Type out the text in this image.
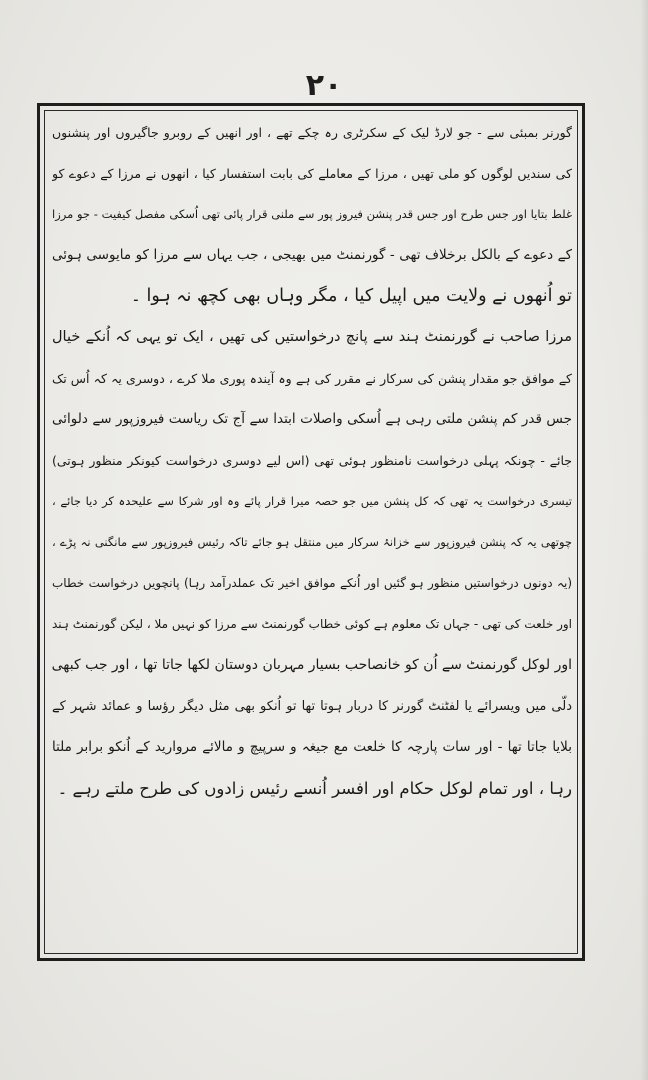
۲۰
گورنر بمبئی سے - جو لارڈ لیک کے سکرٹری رہ چکے تھے ، اور انھیں کے روبرو جاگیروں اور پنشنوں
کی سندیں لوگوں کو ملی تھیں ، مرزا کے معاملے کی بابت استفسار کیا ، انھوں نے مرزا کے دعوے کو
غلط بتایا اور جس طرح اور جس قدر پنشن فیروز پور سے ملنی قرار پائی تھی اُسکی مفصل کیفیت - جو مرزا
کے دعوے کے بالکل برخلاف تھی - گورنمنٹ میں بھیجی ، جب یہاں سے مرزا کو مایوسی ہوئی
تو اُنھوں نے ولایت میں اپیل کیا ، مگر وہاں بھی کچھ نہ ہوا ۔
مرزا صاحب نے گورنمنٹ ہند سے پانچ درخواستیں کی تھیں ، ایک تو یہی کہ اُنکے خیال
کے موافق جو مقدار پنشن کی سرکار نے مقرر کی ہے وہ آیندہ پوری ملا کرے ، دوسری یہ کہ اُس تک
جس قدر کم پنشن ملتی رہی ہے اُسکی واصلات ابتدا سے آج تک ریاست فیروزپور سے دلوائی
جائے - چونکہ پہلی درخواست نامنظور ہوئی تھی (اس لیے دوسری درخواست کیونکر منظور ہوتی)
تیسری درخواست یہ تھی کہ کل پنشن میں جو حصہ میرا قرار پائے وہ اور شرکا سے علیحدہ کر دیا جائے ،
چوتھی یہ کہ پنشن فیروزپور سے خزانۂ سرکار میں منتقل ہو جائے تاکہ رئیس فیروزپور سے مانگنی نہ پڑے ،
(یہ دونوں درخواستیں منظور ہو گئیں اور اُنکے موافق اخیر تک عملدرآمد رہا) پانچویں درخواست خطاب
اور خلعت کی تھی - جہاں تک معلوم ہے کوئی خطاب گورنمنٹ سے مرزا کو نہیں ملا ، لیکن گورنمنٹ ہند
اور لوکل گورنمنٹ سے اُن کو خانصاحب بسیار مہربان دوستان لکھا جاتا تھا ، اور جب کبھی
دلّی میں ویسرائے یا لفٹنٹ گورنر کا دربار ہوتا تھا تو اُنکو بھی مثل دیگر رؤسا و عمائد شہر کے
بلایا جاتا تھا - اور سات پارچہ کا خلعت مع جیغہ و سرپیچ و مالائے مروارید کے اُنکو برابر ملتا
رہا ، اور تمام لوکل حکام اور افسر اُنسے رئیس زادوں کی طرح ملتے رہے ۔
